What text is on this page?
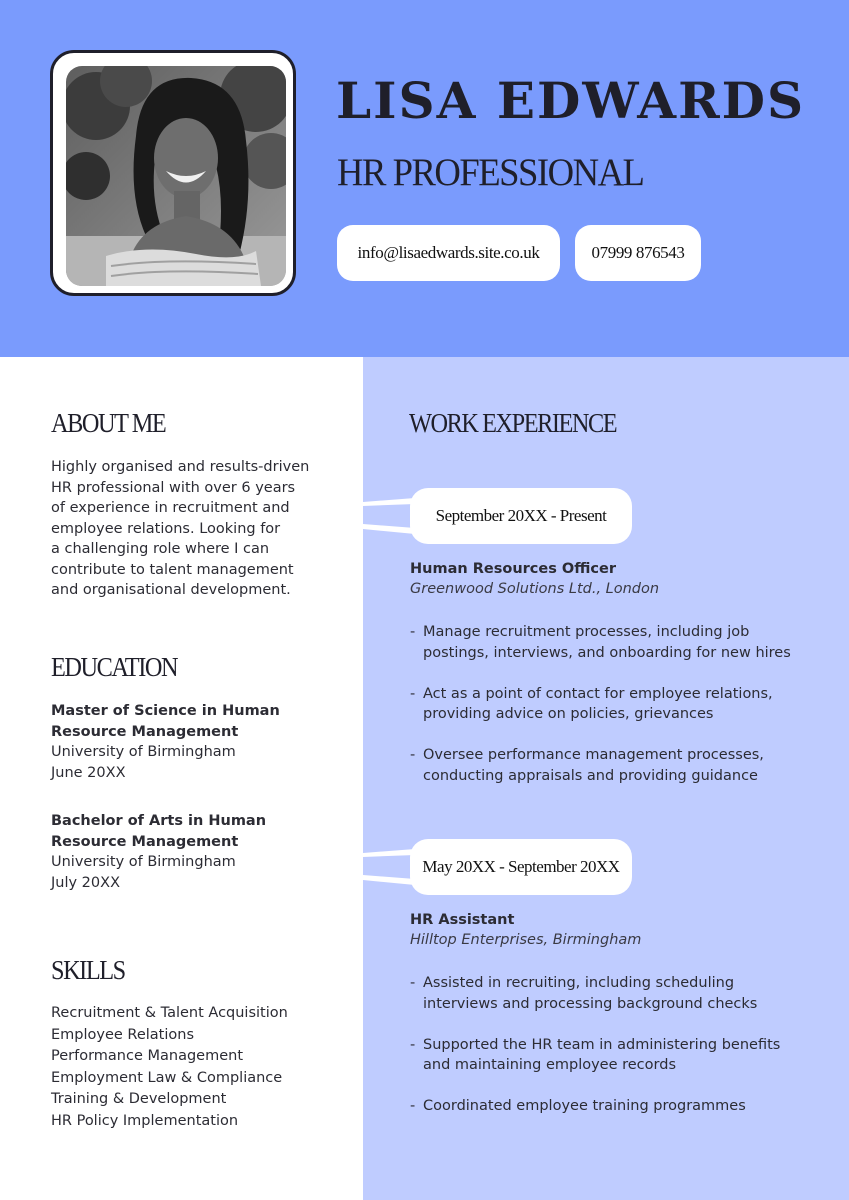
LISA EDWARDS
HR PROFESSIONAL
info@lisaedwards.site.co.uk	07999 876543
ABOUT ME
Highly organised and results-driven
HR professional with over 6 years
of experience in recruitment and
employee relations. Looking for
a challenging role where I can
contribute to talent management
and organisational development.
EDUCATION
Master of Science in Human
Resource Management
University of Birmingham
June 20XX
Bachelor of Arts in Human
Resource Management
University of Birmingham
July 20XX
SKILLS
Recruitment & Talent Acquisition
Employee Relations
Performance Management
Employment Law & Compliance
Training & Development
HR Policy Implementation
WORK EXPERIENCE
September 20XX - Present
Human Resources Officer
Greenwood Solutions Ltd., London
- Manage recruitment processes, including job
postings, interviews, and onboarding for new hires
- Act as a point of contact for employee relations,
providing advice on policies, grievances
- Oversee performance management processes,
conducting appraisals and providing guidance
May 20XX - September 20XX
HR Assistant
Hilltop Enterprises, Birmingham
- Assisted in recruiting, including scheduling
interviews and processing background checks
- Supported the HR team in administering benefits
and maintaining employee records
- Coordinated employee training programmes
